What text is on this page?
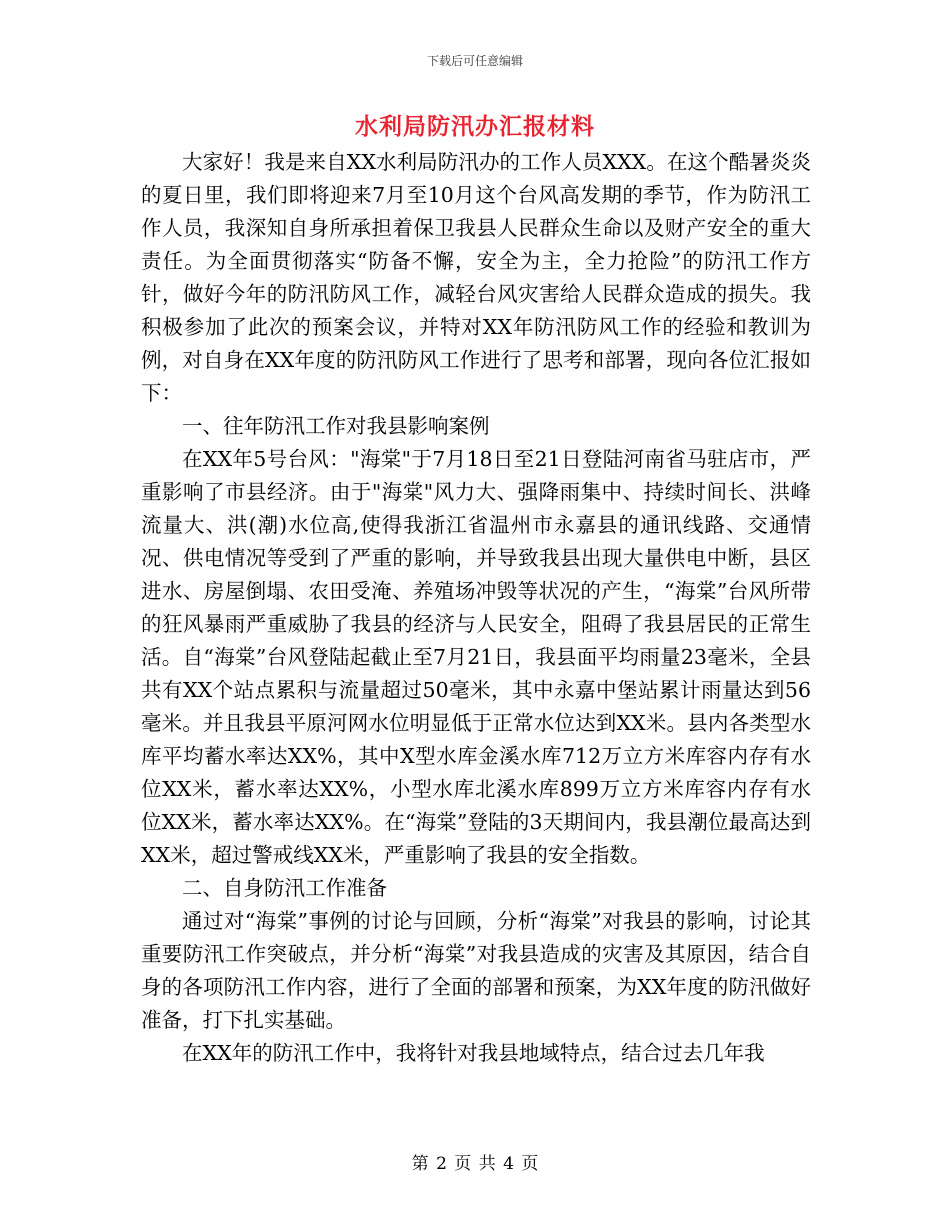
下载后可任意编辑
水利局防汛办汇报材料

大家好！我是来自XX水利局防汛办的工作人员XXX。在这个酷暑炎炎的夏日里，我们即将迎来7月至10月这个台风高发期的季节，作为防汛工作人员，我深知自身所承担着保卫我县人民群众生命以及财产安全的重大责任。为全面贯彻落实“防备不懈，安全为主，全力抢险”的防汛工作方针，做好今年的防汛防风工作，减轻台风灾害给人民群众造成的损失。我积极参加了此次的预案会议，并特对XX年防汛防风工作的经验和教训为例，对自身在XX年度的防汛防风工作进行了思考和部署，现向各位汇报如下：

一、往年防汛工作对我县影响案例

在XX年5号台风："海棠"于7月18日至21日登陆河南省马驻店市，严重影响了市县经济。由于"海棠"风力大、强降雨集中、持续时间长、洪峰流量大、洪(潮)水位高,使得我浙江省温州市永嘉县的通讯线路、交通情况、供电情况等受到了严重的影响，并导致我县出现大量供电中断，县区进水、房屋倒塌、农田受淹、养殖场冲毁等状况的产生，“海棠”台风所带的狂风暴雨严重威胁了我县的经济与人民安全，阻碍了我县居民的正常生活。自“海棠”台风登陆起截止至7月21日，我县面平均雨量23毫米，全县共有XX个站点累积与流量超过50毫米，其中永嘉中堡站累计雨量达到56毫米。并且我县平原河网水位明显低于正常水位达到XX米。县内各类型水库平均蓄水率达XX%，其中X型水库金溪水库712万立方米库容内存有水位XX米，蓄水率达XX%，小型水库北溪水库899万立方米库容内存有水位XX米，蓄水率达XX%。在“海棠”登陆的3天期间内，我县潮位最高达到XX米，超过警戒线XX米，严重影响了我县的安全指数。

二、自身防汛工作准备

通过对“海棠”事例的讨论与回顾，分析“海棠”对我县的影响，讨论其重要防汛工作突破点，并分析“海棠”对我县造成的灾害及其原因，结合自身的各项防汛工作内容，进行了全面的部署和预案，为XX年度的防汛做好准备，打下扎实基础。

在XX年的防汛工作中，我将针对我县地域特点，结合过去几年我

第 2 页 共 4 页
